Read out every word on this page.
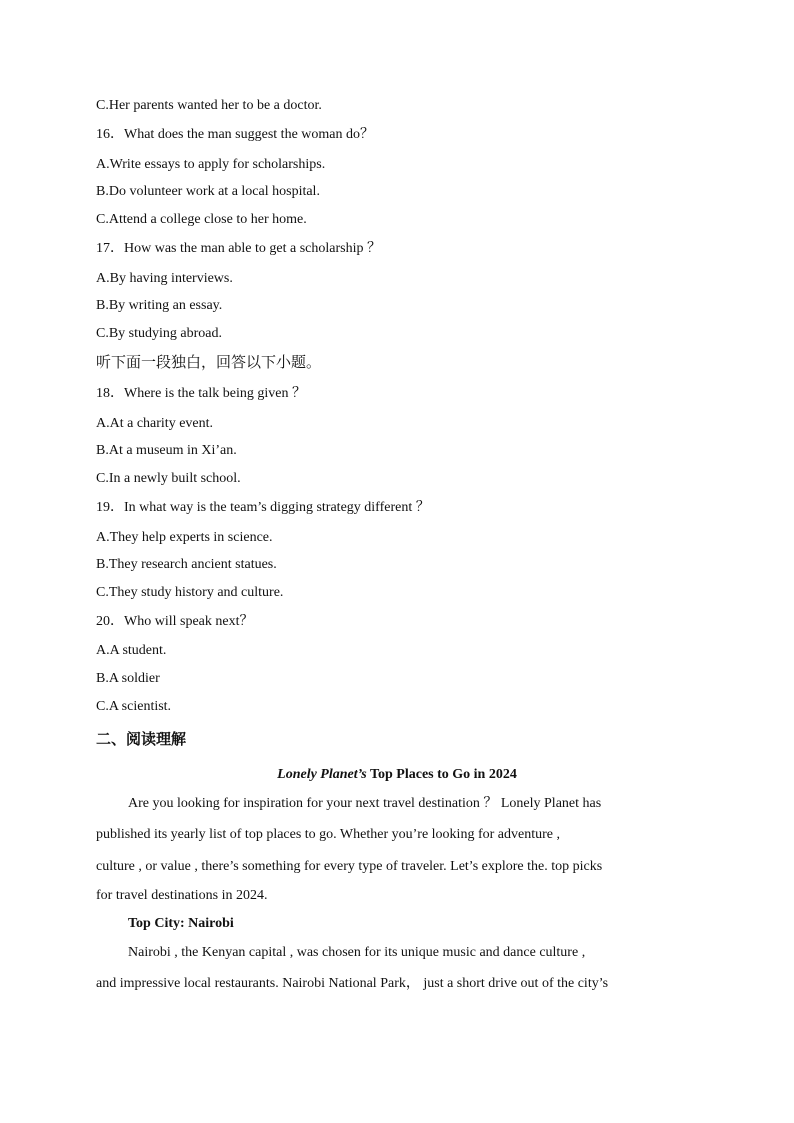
C.Her parents wanted her to be a doctor.
16．What does the man suggest the woman do？
A.Write essays to apply for scholarships.
B.Do volunteer work at a local hospital.
C.Attend a college close to her home.
17．How was the man able to get a scholarship ？
A.By having interviews.
B.By writing an essay.
C.By studying abroad.
听下面一段独白，回答以下小题。
18．Where is the talk being given ？
A.At a charity event.
B.At a museum in Xi’an.
C.In a newly built school.
19．In what way is the team’s digging strategy different ？
A.They help experts in science.
B.They research ancient statues.
C.They study history and culture.
20．Who will speak next？
A.A student.
B.A soldier
C.A scientist.
二、阅读理解
Lonely Planet’s Top Places to Go in 2024
Are you looking for inspiration for your next travel destination ？ Lonely Planet has
published its yearly list of top places to go. Whether you’re looking for adventure ,
culture , or value , there’s something for every type of traveler. Let’s explore the. top picks
for travel destinations in 2024.
Top City: Nairobi
Nairobi , the Kenyan capital , was chosen for its unique music and dance culture ,
and impressive local restaurants. Nairobi National Park， just a short drive out of the city’s
